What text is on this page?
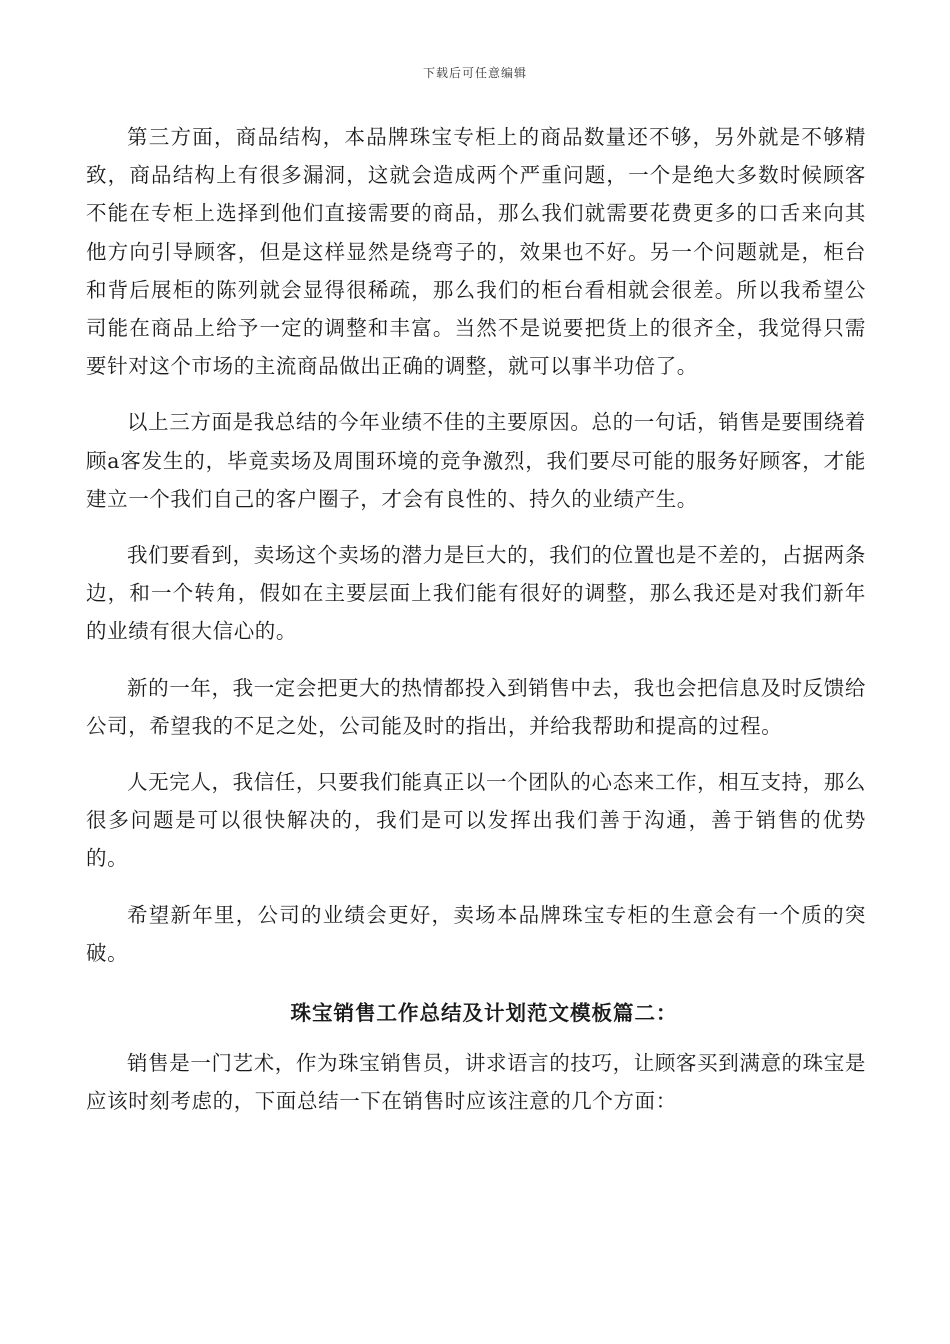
下载后可任意编辑

第三方面，商品结构，本品牌珠宝专柜上的商品数量还不够，另外就是不够精致，商品结构上有很多漏洞，这就会造成两个严重问题，一个是绝大多数时候顾客不能在专柜上选择到他们直接需要的商品，那么我们就需要花费更多的口舌来向其他方向引导顾客，但是这样显然是绕弯子的，效果也不好。另一个问题就是，柜台和背后展柜的陈列就会显得很稀疏，那么我们的柜台看相就会很差。所以我希望公司能在商品上给予一定的调整和丰富。当然不是说要把货上的很齐全，我觉得只需要针对这个市场的主流商品做出正确的调整，就可以事半功倍了。

以上三方面是我总结的今年业绩不佳的主要原因。总的一句话，销售是要围绕着顾a客发生的，毕竟卖场及周围环境的竞争激烈，我们要尽可能的服务好顾客，才能建立一个我们自己的客户圈子，才会有良性的、持久的业绩产生。

我们要看到，卖场这个卖场的潜力是巨大的，我们的位置也是不差的，占据两条边，和一个转角，假如在主要层面上我们能有很好的调整，那么我还是对我们新年的业绩有很大信心的。

新的一年，我一定会把更大的热情都投入到销售中去，我也会把信息及时反馈给公司，希望我的不足之处，公司能及时的指出，并给我帮助和提高的过程。

人无完人，我信任，只要我们能真正以一个团队的心态来工作，相互支持，那么很多问题是可以很快解决的，我们是可以发挥出我们善于沟通，善于销售的优势的。

希望新年里，公司的业绩会更好，卖场本品牌珠宝专柜的生意会有一个质的突破。

珠宝销售工作总结及计划范文模板篇二：

销售是一门艺术，作为珠宝销售员，讲求语言的技巧，让顾客买到满意的珠宝是应该时刻考虑的，下面总结一下在销售时应该注意的几个方面：
